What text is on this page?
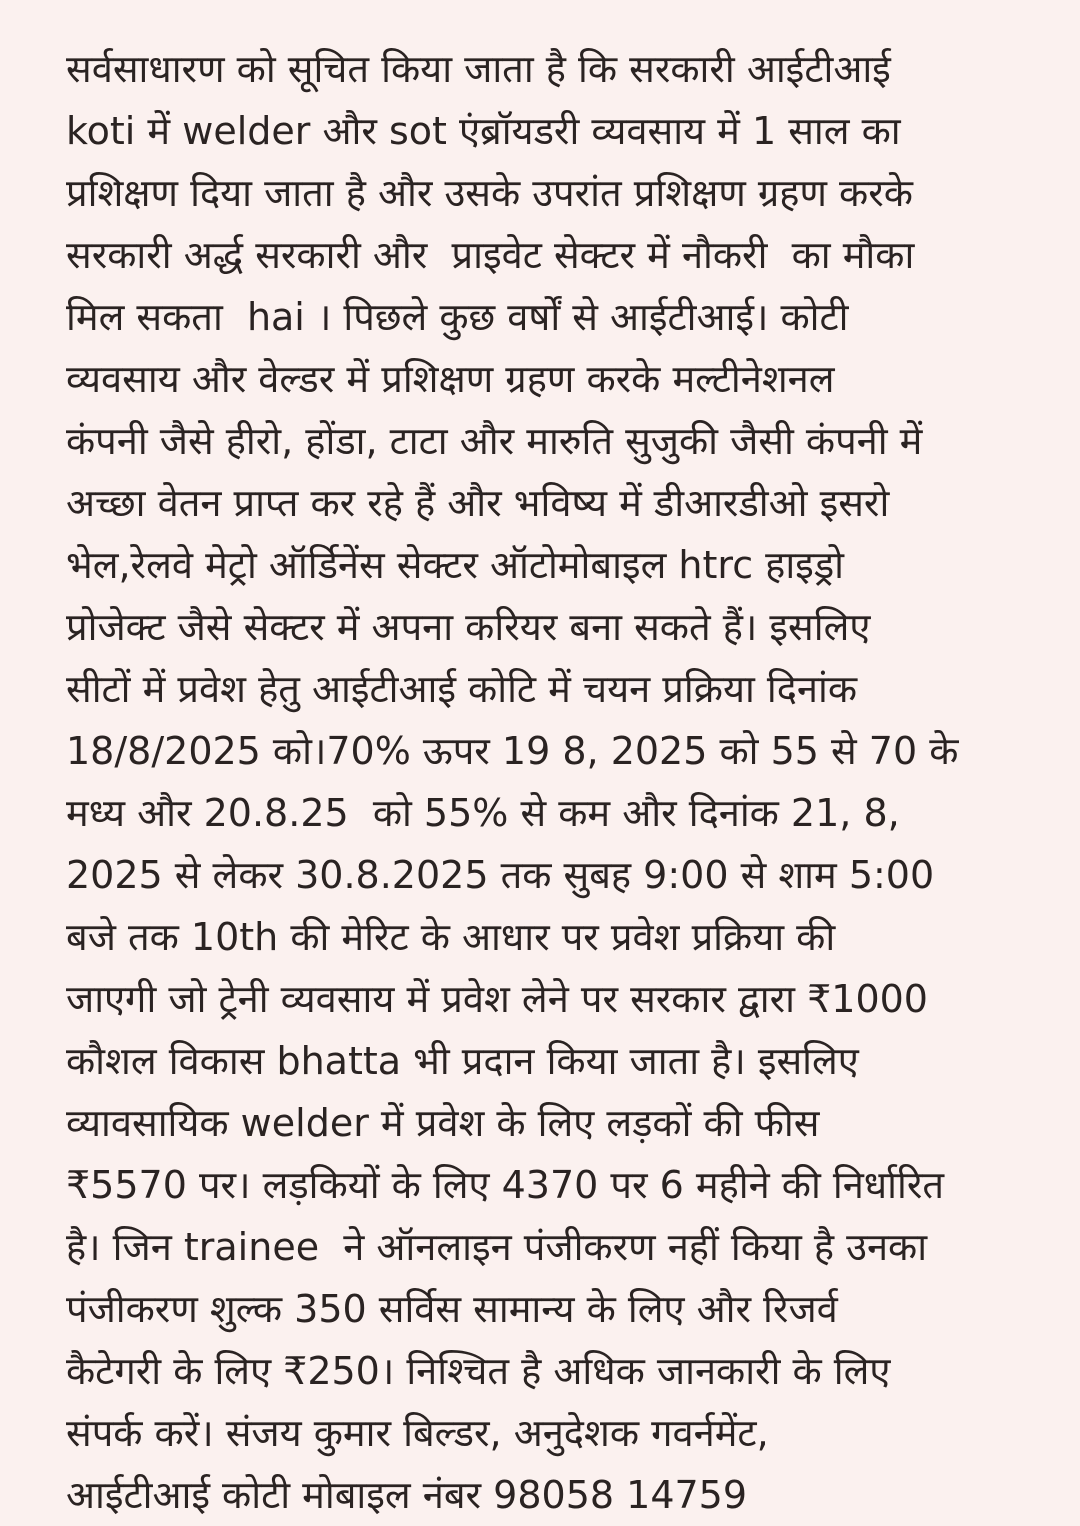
सर्वसाधारण को सूचित किया जाता है कि सरकारी आईटीआई
koti में welder और sot एंब्रॉयडरी व्यवसाय में 1 साल का
प्रशिक्षण दिया जाता है और उसके उपरांत प्रशिक्षण ग्रहण करके
सरकारी अर्द्ध सरकारी और  प्राइवेट सेक्टर में नौकरी  का मौका
मिल सकता  hai । पिछले कुछ वर्षों से आईटीआई। कोटी
व्यवसाय और वेल्डर में प्रशिक्षण ग्रहण करके मल्टीनेशनल
कंपनी जैसे हीरो, होंडा, टाटा और मारुति सुजुकी जैसी कंपनी में
अच्छा वेतन प्राप्त कर रहे हैं और भविष्य में डीआरडीओ इसरो
भेल,रेलवे मेट्रो ऑर्डिनेंस सेक्टर ऑटोमोबाइल htrc हाइड्रो
प्रोजेक्ट जैसे सेक्टर में अपना करियर बना सकते हैं। इसलिए
सीटों में प्रवेश हेतु आईटीआई कोटि में चयन प्रक्रिया दिनांक
18/8/2025 को।70% ऊपर 19 8, 2025 को 55 से 70 के
मध्य और 20.8.25  को 55% से कम और दिनांक 21, 8,
2025 से लेकर 30.8.2025 तक सुबह 9:00 से शाम 5:00
बजे तक 10th की मेरिट के आधार पर प्रवेश प्रक्रिया की
जाएगी जो ट्रेनी व्यवसाय में प्रवेश लेने पर सरकार द्वारा ₹1000
कौशल विकास bhatta भी प्रदान किया जाता है। इसलिए
व्यावसायिक welder में प्रवेश के लिए लड़कों की फीस
₹5570 पर। लड़कियों के लिए 4370 पर 6 महीने की निर्धारित
है। जिन trainee  ने ऑनलाइन पंजीकरण नहीं किया है उनका
पंजीकरण शुल्क 350 सर्विस सामान्य के लिए और रिजर्व
कैटेगरी के लिए ₹250। निश्चित है अधिक जानकारी के लिए
संपर्क करें। संजय कुमार बिल्डर, अनुदेशक गवर्नमेंट,
आईटीआई कोटी मोबाइल नंबर 98058 14759
